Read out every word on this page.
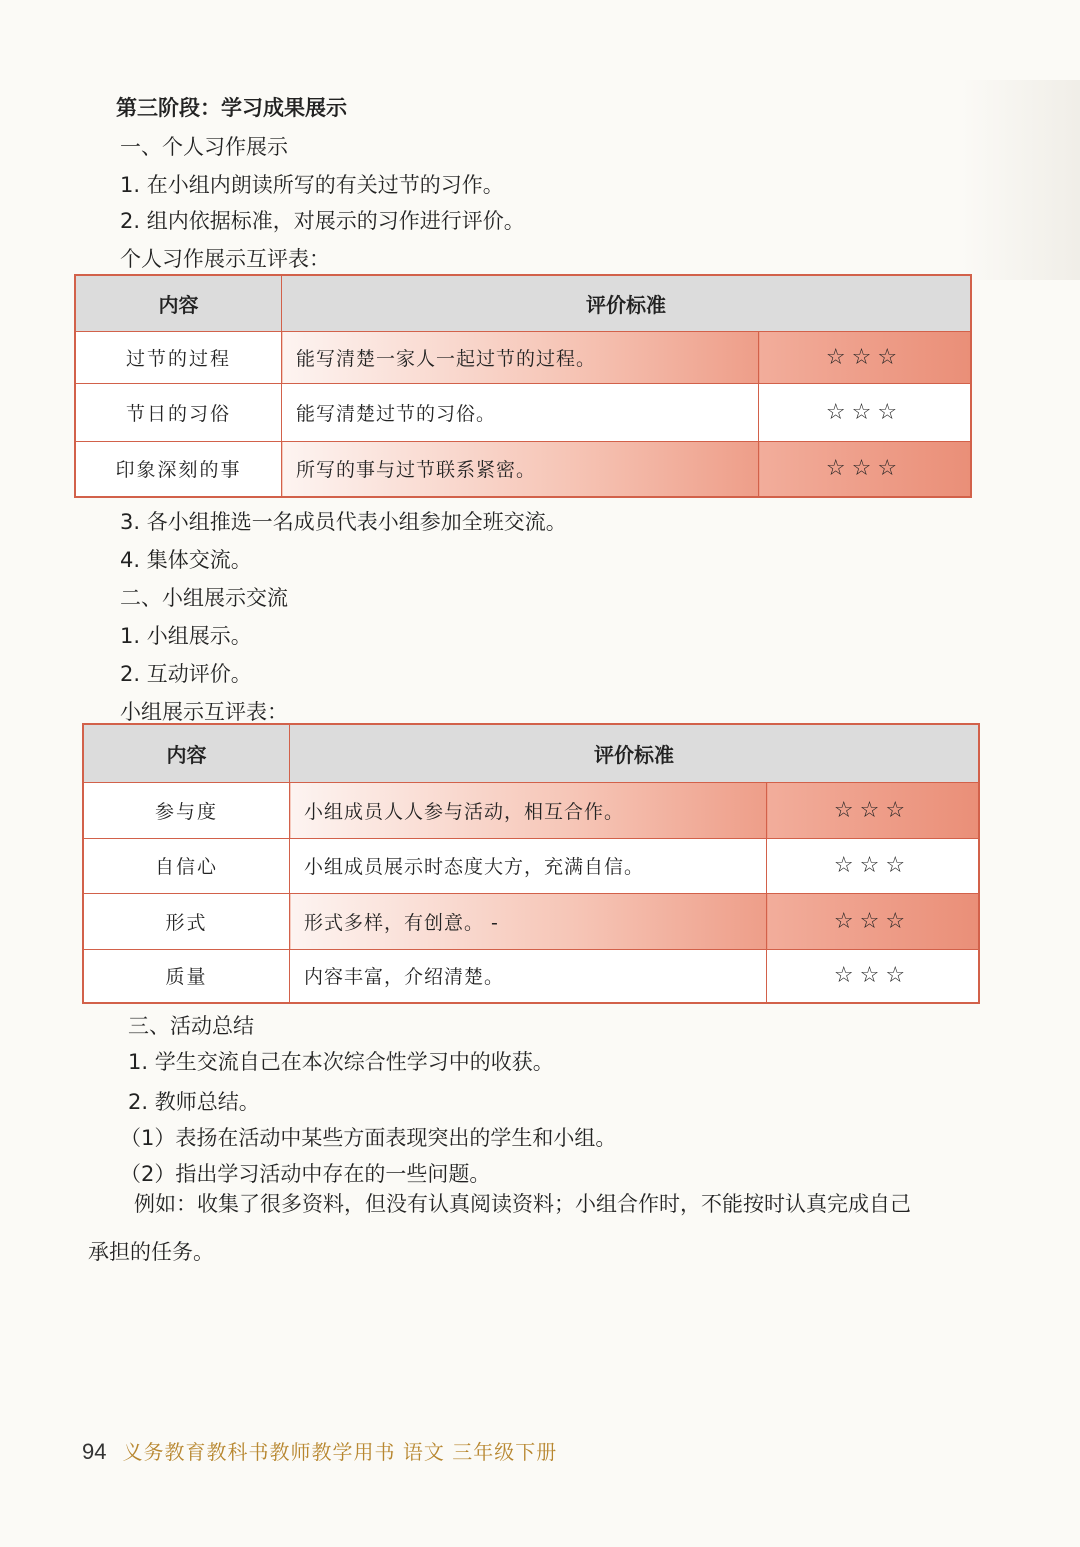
第三阶段：学习成果展示
一、个人习作展示
1. 在小组内朗读所写的有关过节的习作。
2. 组内依据标准，对展示的习作进行评价。
个人习作展示互评表：
内容	评价标准	
过节的过程	能写清楚一家人一起过节的过程。	☆☆☆
节日的习俗	能写清楚过节的习俗。	☆☆☆
印象深刻的事	所写的事与过节联系紧密。	☆☆☆
3. 各小组推选一名成员代表小组参加全班交流。
4. 集体交流。
二、小组展示交流
1. 小组展示。
2. 互动评价。
小组展示互评表：
内容	评价标准	
参与度	小组成员人人参与活动，相互合作。	☆☆☆
自信心	小组成员展示时态度大方，充满自信。	☆☆☆
形式	形式多样，有创意。 -	☆☆☆
质量	内容丰富，介绍清楚。	☆☆☆
三、活动总结
1. 学生交流自己在本次综合性学习中的收获。
2. 教师总结。
（1）表扬在活动中某些方面表现突出的学生和小组。
（2）指出学习活动中存在的一些问题。
例如：收集了很多资料，但没有认真阅读资料；小组合作时，不能按时认真完成自己
承担的任务。
94 义务教育教科书教师教学用书 语文 三年级下册
